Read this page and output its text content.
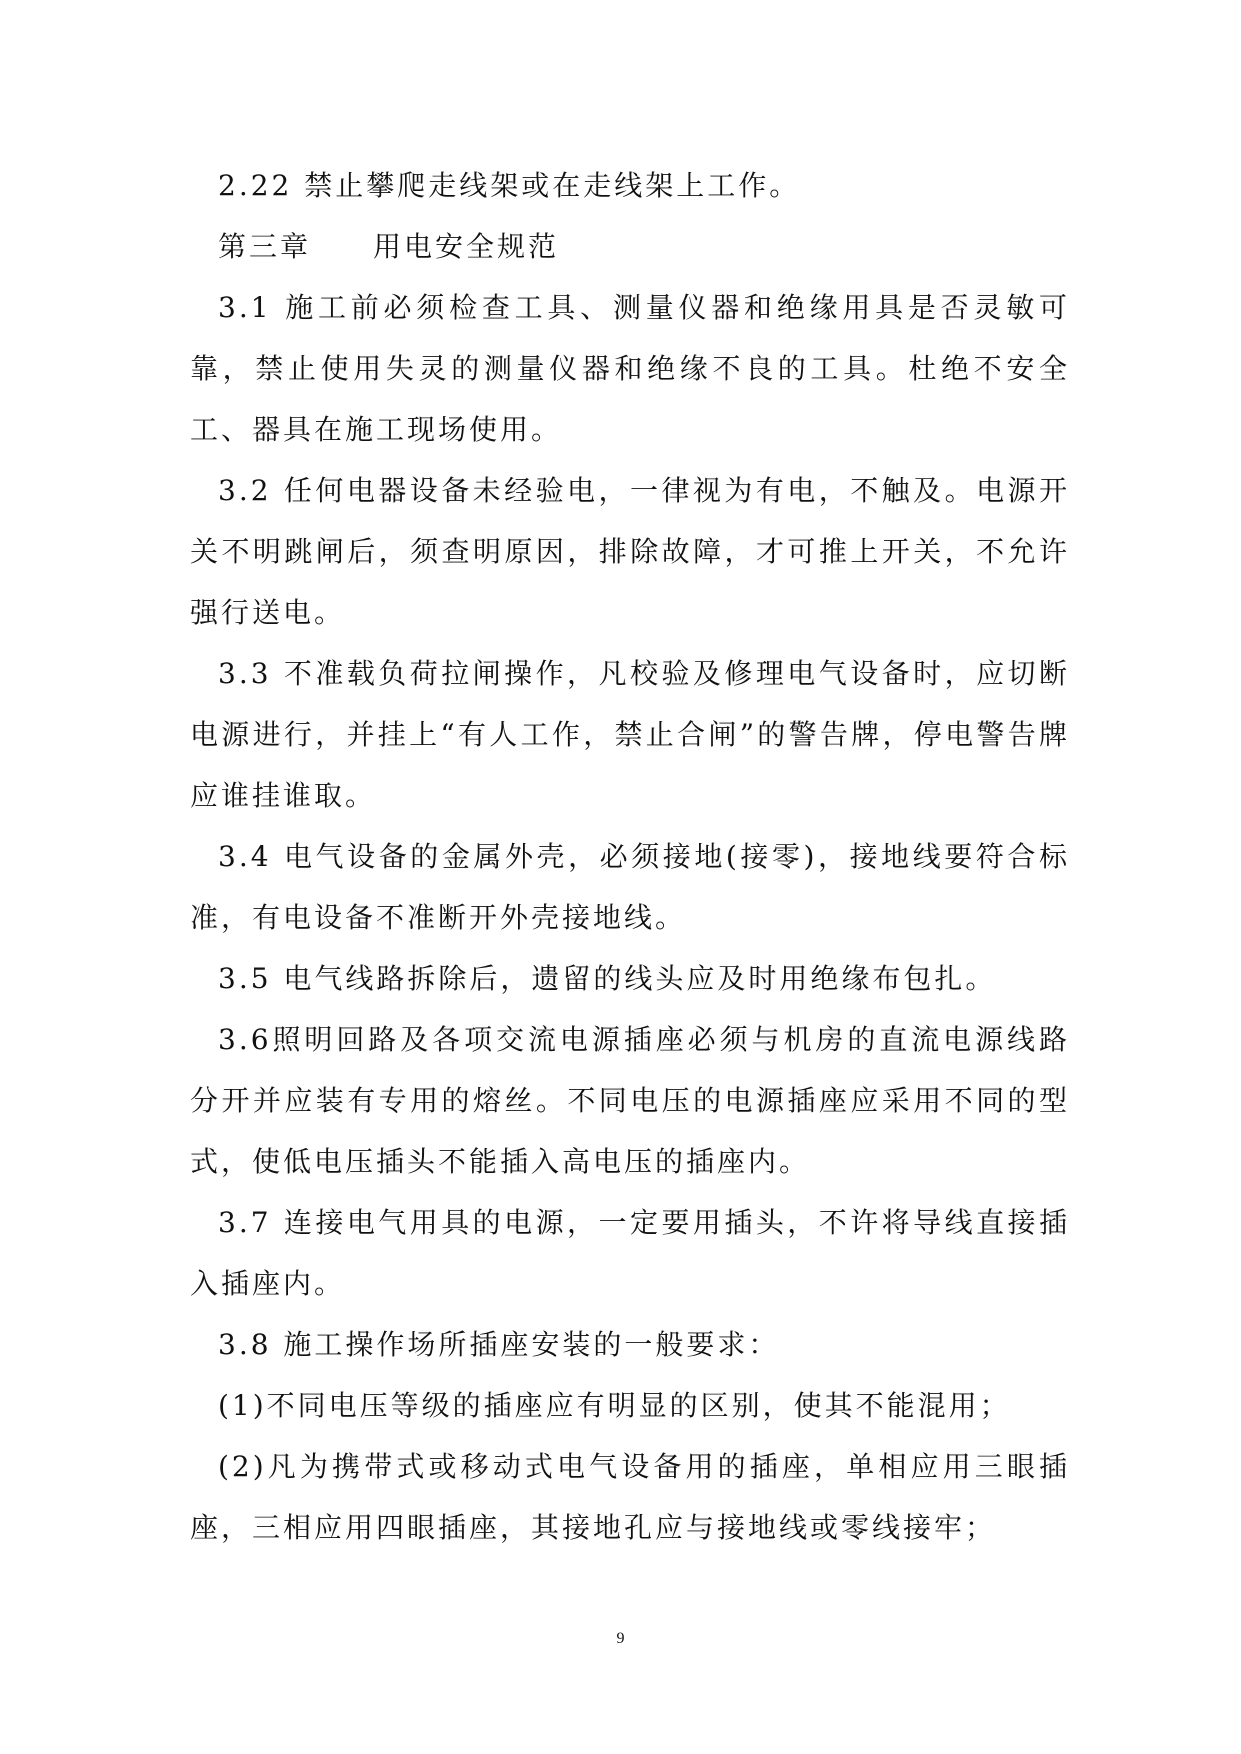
2.22 禁止攀爬走线架或在走线架上工作。

第三章　　用电安全规范

3.1 施工前必须检查工具、测量仪器和绝缘用具是否灵敏可靠，禁止使用失灵的测量仪器和绝缘不良的工具。杜绝不安全工、器具在施工现场使用。

3.2 任何电器设备未经验电，一律视为有电，不触及。电源开关不明跳闸后，须查明原因，排除故障，才可推上开关，不允许强行送电。

3.3 不准载负荷拉闸操作，凡校验及修理电气设备时，应切断电源进行，并挂上“有人工作，禁止合闸”的警告牌，停电警告牌应谁挂谁取。

3.4 电气设备的金属外壳，必须接地(接零)，接地线要符合标准，有电设备不准断开外壳接地线。

3.5 电气线路拆除后，遗留的线头应及时用绝缘布包扎。

3.6照明回路及各项交流电源插座必须与机房的直流电源线路分开并应装有专用的熔丝。不同电压的电源插座应采用不同的型式，使低电压插头不能插入高电压的插座内。

3.7 连接电气用具的电源，一定要用插头，不许将导线直接插入插座内。

3.8 施工操作场所插座安装的一般要求：

(1)不同电压等级的插座应有明显的区别，使其不能混用；

(2)凡为携带式或移动式电气设备用的插座，单相应用三眼插座，三相应用四眼插座，其接地孔应与接地线或零线接牢；

9
